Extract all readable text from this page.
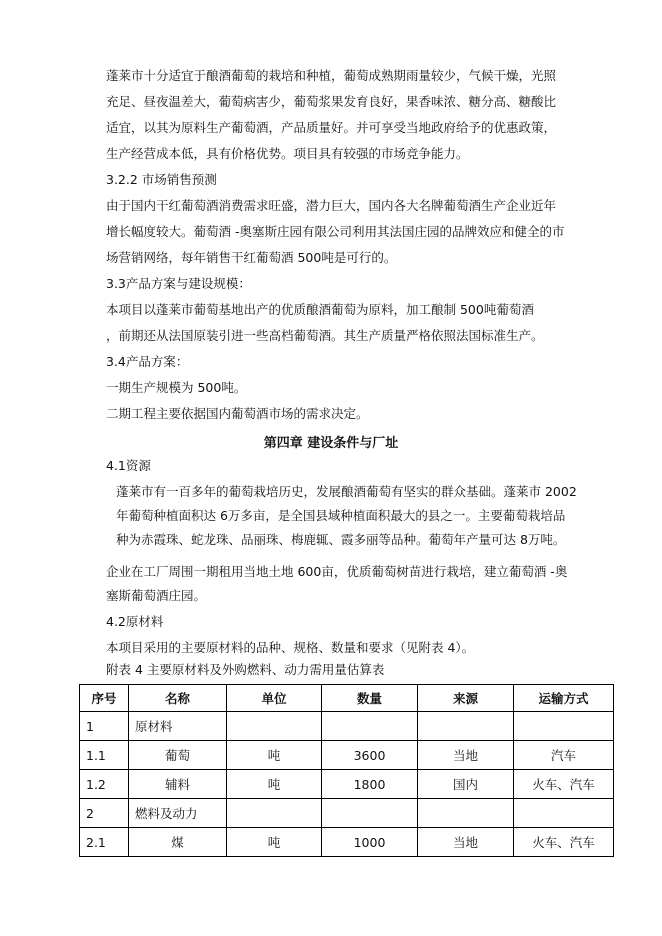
蓬莱市十分适宜于酿酒葡萄的栽培和种植，葡萄成熟期雨量较少，气候干燥，光照
充足、昼夜温差大，葡萄病害少，葡萄浆果发育良好，果香味浓、糖分高、糖酸比
适宜，以其为原料生产葡萄酒，产品质量好。并可享受当地政府给予的优惠政策，
生产经营成本低，具有价格优势。项目具有较强的市场竞争能力。
3.2.2 市场销售预测
由于国内干红葡萄酒消费需求旺盛，潜力巨大，国内各大名牌葡萄酒生产企业近年
增长幅度较大。葡萄酒 -奥塞斯庄园有限公司利用其法国庄园的品牌效应和健全的市
场营销网络，每年销售干红葡萄酒 500吨是可行的。
3.3产品方案与建设规模：
本项目以蓬莱市葡萄基地出产的优质酿酒葡萄为原料，加工酿制 500吨葡萄酒
，前期还从法国原装引进一些高档葡萄酒。其生产质量严格依照法国标准生产。
3.4产品方案：
一期生产规模为 500吨。
二期工程主要依据国内葡萄酒市场的需求决定。
第四章 建设条件与厂址
4.1资源
蓬莱市有一百多年的葡萄栽培历史，发展酿酒葡萄有坚实的群众基础。蓬莱市 2002
年葡萄种植面积达 6万多亩，是全国县域种植面积最大的县之一。主要葡萄栽培品
种为赤霞珠、蛇龙珠、品丽珠、梅鹿辄、霞多丽等品种。葡萄年产量可达 8万吨。
企业在工厂周围一期租用当地土地 600亩，优质葡萄树苗进行栽培，建立葡萄酒 -奥
塞斯葡萄酒庄园。
4.2原材料
本项目采用的主要原材料的品种、规格、数量和要求（见附表 4）。
附表 4 主要原材料及外购燃料、动力需用量估算表
序号	名称	单位	数量	来源	运输方式
1	原材料				
1.1	葡萄	吨	3600	当地	汽车
1.2	辅料	吨	1800	国内	火车、汽车
2	燃料及动力				
2.1	煤	吨	1000	当地	火车、汽车
